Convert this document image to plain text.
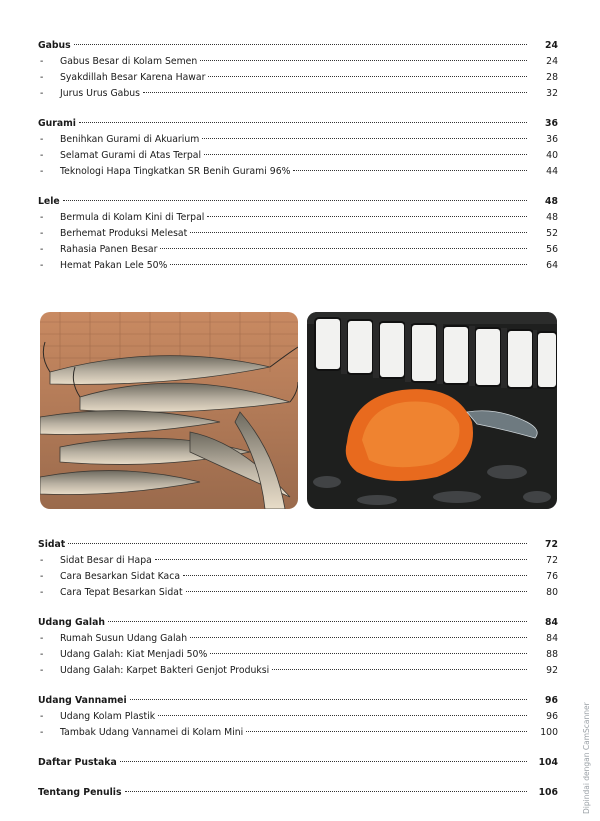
Gabus	24
-	Gabus Besar di Kolam Semen	24
-	Syakdillah Besar Karena Hawar	28
-	Jurus Urus Gabus	32
Gurami	36
-	Benihkan Gurami di Akuarium	36
-	Selamat Gurami di Atas Terpal	40
-	Teknologi Hapa Tingkatkan SR Benih Gurami 96%	44
Lele	48
-	Bermula di Kolam Kini di Terpal	48
-	Berhemat Produksi Melesat	52
-	Rahasia Panen Besar	56
-	Hemat Pakan Lele 50%	64
Sidat	72
-	Sidat Besar di Hapa	72
-	Cara Besarkan Sidat Kaca	76
-	Cara Tepat Besarkan Sidat	80
Udang Galah	84
-	Rumah Susun Udang Galah	84
-	Udang Galah: Kiat Menjadi 50%	88
-	Udang Galah: Karpet Bakteri Genjot Produksi	92
Udang Vannamei	96
-	Udang Kolam Plastik	96
-	Tambak Udang Vannamei di Kolam Mini	100
Daftar Pustaka	104
Tentang Penulis	106	Dipindai dengan CamScanner
